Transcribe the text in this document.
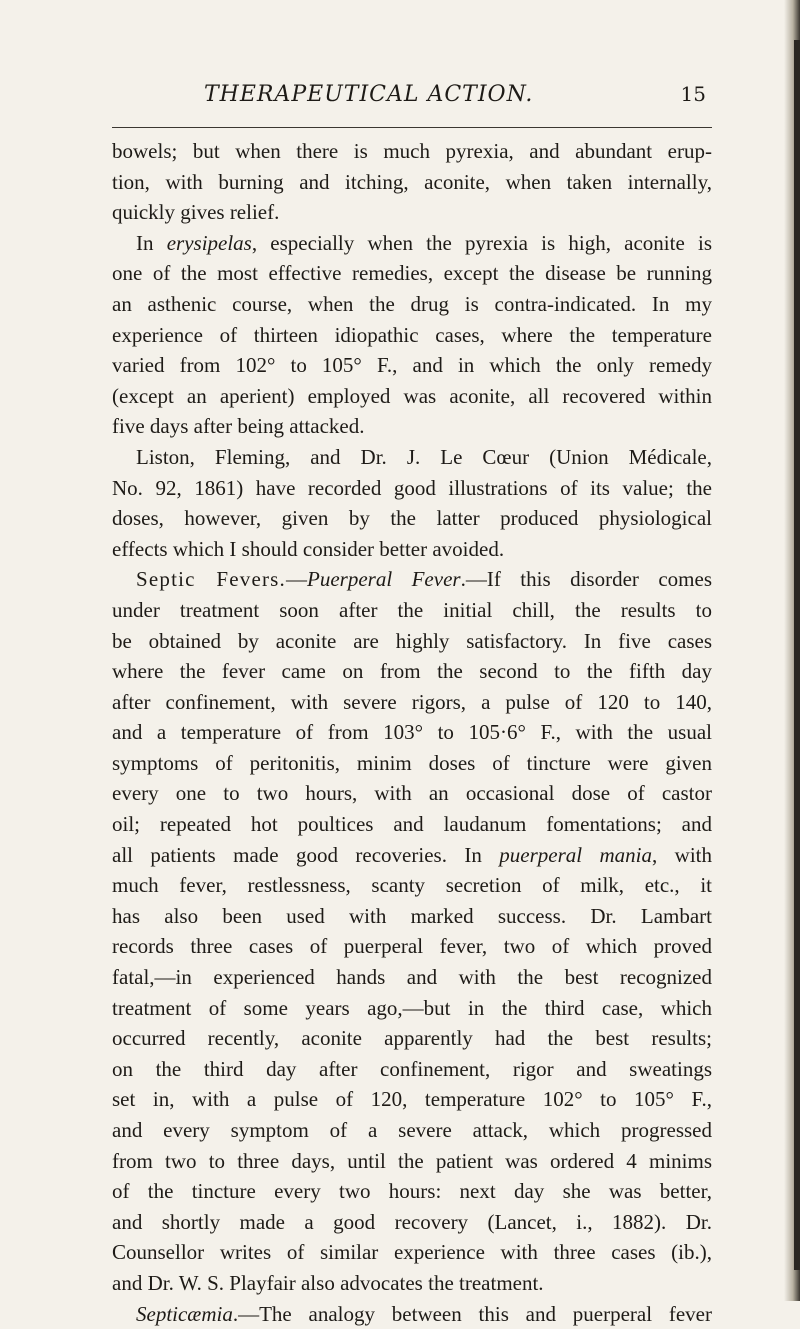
THERAPEUTICAL ACTION.	15
bowels; but when there is much pyrexia, and abundant erup-
tion, with burning and itching, aconite, when taken internally,
quickly gives relief.
In erysipelas, especially when the pyrexia is high, aconite is
one of the most effective remedies, except the disease be running
an asthenic course, when the drug is contra-indicated. In my
experience of thirteen idiopathic cases, where the temperature
varied from 102° to 105° F., and in which the only remedy
(except an aperient) employed was aconite, all recovered within
five days after being attacked.
Liston, Fleming, and Dr. J. Le Cœur (Union Médicale,
No. 92, 1861) have recorded good illustrations of its value; the
doses, however, given by the latter produced physiological
effects which I should consider better avoided.
Septic Fevers.—Puerperal Fever.—If this disorder comes
under treatment soon after the initial chill, the results to
be obtained by aconite are highly satisfactory. In five cases
where the fever came on from the second to the fifth day
after confinement, with severe rigors, a pulse of 120 to 140,
and a temperature of from 103° to 105·6° F., with the usual
symptoms of peritonitis, minim doses of tincture were given
every one to two hours, with an occasional dose of castor
oil; repeated hot poultices and laudanum fomentations; and
all patients made good recoveries. In puerperal mania, with
much fever, restlessness, scanty secretion of milk, etc., it
has also been used with marked success. Dr. Lambart
records three cases of puerperal fever, two of which proved
fatal,—in experienced hands and with the best recognized
treatment of some years ago,—but in the third case, which
occurred recently, aconite apparently had the best results;
on the third day after confinement, rigor and sweatings
set in, with a pulse of 120, temperature 102° to 105° F.,
and every symptom of a severe attack, which progressed
from two to three days, until the patient was ordered 4 minims
of the tincture every two hours: next day she was better,
and shortly made a good recovery (Lancet, i., 1882). Dr.
Counsellor writes of similar experience with three cases (ib.),
and Dr. W. S. Playfair also advocates the treatment.
Septicæmia.—The analogy between this and puerperal fever
